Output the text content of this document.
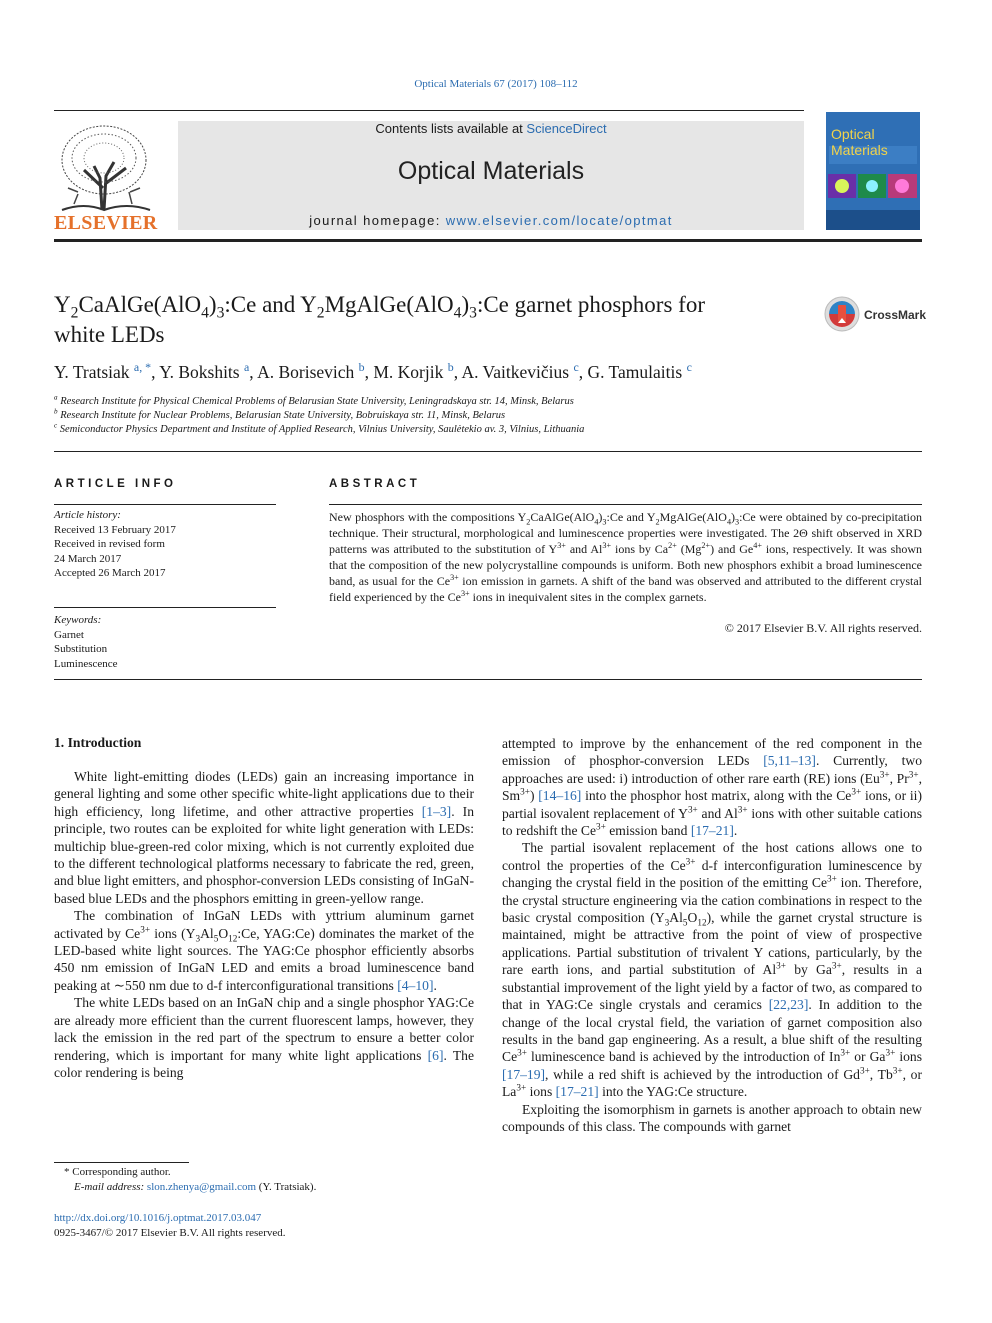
Optical Materials 67 (2017) 108–112
ELSEVIER
Contents lists available at ScienceDirect
Optical Materials
journal homepage: www.elsevier.com/locate/optmat
Optical Materials
$Y_2CaAlGe(AlO_4)_3:Ce$ and $Y_2MgAlGe(AlO_4)_3:Ce$ garnet phosphors for
white LEDs
CrossMark
Y. Tratsiak $^{a, *}$, Y. Bokshits $^a$, A. Borisevich $^b$, M. Korjik $^b$, A. Vaitkevičius $^c$, G. Tamulaitis $^c$
$^a$ Research Institute for Physical Chemical Problems of Belarusian State University, Leningradskaya str. 14, Minsk, Belarus
$^b$ Research Institute for Nuclear Problems, Belarusian State University, Bobruiskaya str. 11, Minsk, Belarus
$^c$ Semiconductor Physics Department and Institute of Applied Research, Vilnius University, Saulėtekio av. 3, Vilnius, Lithuania
ARTICLE INFO
Article history:
Received 13 February 2017
Received in revised form
24 March 2017
Accepted 26 March 2017
Keywords:
Garnet
Substitution
Luminescence
ABSTRACT
New phosphors with the compositions $Y_2CaAlGe(AlO_4)_3:Ce$ and $Y_2MgAlGe(AlO_4)_3:Ce$ were obtained by co-precipitation technique. Their structural, morphological and luminescence properties were investigated. The 2Θ shift observed in XRD patterns was attributed to the substitution of $Y^{3+}$ and $Al^{3+}$ ions by $Ca^{2+}$ $(Mg^{2+})$ and $Ge^{4+}$ ions, respectively. It was shown that the composition of the new polycrystalline compounds is uniform. Both new phosphors exhibit a broad luminescence band, as usual for the $Ce^{3+}$ ion emission in garnets. A shift of the band was observed and attributed to the different crystal field experienced by the $Ce^{3+}$ ions in inequivalent sites in the complex garnets.
© 2017 Elsevier B.V. All rights reserved.
1. Introduction

White light-emitting diodes (LEDs) gain an increasing importance in general lighting and some other specific white-light applications due to their high efficiency, long lifetime, and other attractive properties [1–3]. In principle, two routes can be exploited for white light generation with LEDs: multichip blue-green-red color mixing, which is not currently exploited due to the different technological platforms necessary to fabricate the red, green, and blue light emitters, and phosphor-conversion LEDs consisting of InGaN-based blue LEDs and the phosphors emitting in green-yellow range.

The combination of InGaN LEDs with yttrium aluminum garnet activated by $Ce^{3+}$ ions ($Y_3Al_5O_{12}:Ce$, YAG:Ce) dominates the market of the LED-based white light sources. The YAG:Ce phosphor efficiently absorbs 450 nm emission of InGaN LED and emits a broad luminescence band peaking at ∼550 nm due to d-f interconfigurational transitions [4–10].

The white LEDs based on an InGaN chip and a single phosphor YAG:Ce are already more efficient than the current fluorescent lamps, however, they lack the emission in the red part of the spectrum to ensure a better color rendering, which is important for many white light applications [6]. The color rendering is being

attempted to improve by the enhancement of the red component in the emission of phosphor-conversion LEDs [5,11–13]. Currently, two approaches are used: i) introduction of other rare earth (RE) ions ($Eu^{3+}$, $Pr^{3+}$, $Sm^{3+}$) [14–16] into the phosphor host matrix, along with the $Ce^{3+}$ ions, or ii) partial isovalent replacement of $Y^{3+}$ and $Al^{3+}$ ions with other suitable cations to redshift the $Ce^{3+}$ emission band [17–21].

The partial isovalent replacement of the host cations allows one to control the properties of the $Ce^{3+}$ d-f interconfiguration luminescence by changing the crystal field in the position of the emitting $Ce^{3+}$ ion. Therefore, the crystal structure engineering via the cation combinations in respect to the basic crystal composition $(Y_3Al_5O_{12})$, while the garnet crystal structure is maintained, might be attractive from the point of view of prospective applications. Partial substitution of trivalent Y cations, particularly, by the rare earth ions, and partial substitution of $Al^{3+}$ by $Ga^{3+}$, results in a substantial improvement of the light yield by a factor of two, as compared to that in YAG:Ce single crystals and ceramics [22,23]. In addition to the change of the local crystal field, the variation of garnet composition also results in the band gap engineering. As a result, a blue shift of the resulting $Ce^{3+}$ luminescence band is achieved by the introduction of $In^{3+}$ or $Ga^{3+}$ ions [17–19], while a red shift is achieved by the introduction of $Gd^{3+}$, $Tb^{3+}$, or $La^{3+}$ ions [17–21] into the YAG:Ce structure.

Exploiting the isomorphism in garnets is another approach to obtain new compounds of this class. The compounds with garnet

* Corresponding author.
E-mail address: slon.zhenya@gmail.com (Y. Tratsiak).
http://dx.doi.org/10.1016/j.optmat.2017.03.047
0925-3467/© 2017 Elsevier B.V. All rights reserved.
